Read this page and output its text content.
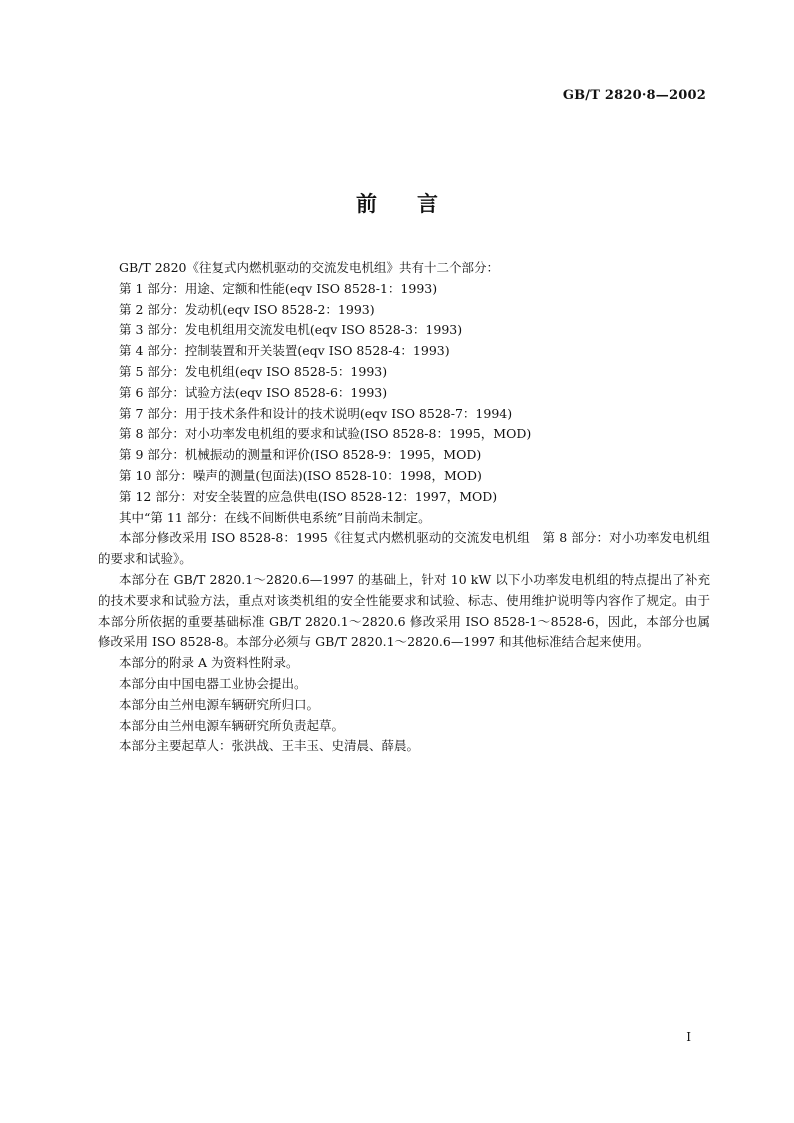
GB/T 2820·8—2002
前言

GB/T 2820《往复式内燃机驱动的交流发电机组》共有十二个部分：

第 1 部分：用途、定额和性能(eqv ISO 8528-1：1993)

第 2 部分：发动机(eqv ISO 8528-2：1993)

第 3 部分：发电机组用交流发电机(eqv ISO 8528-3：1993)

第 4 部分：控制装置和开关装置(eqv ISO 8528-4：1993)

第 5 部分：发电机组(eqv ISO 8528-5：1993)

第 6 部分：试验方法(eqv ISO 8528-6：1993)

第 7 部分：用于技术条件和设计的技术说明(eqv ISO 8528-7：1994)

第 8 部分：对小功率发电机组的要求和试验(ISO 8528-8：1995，MOD)

第 9 部分：机械振动的测量和评价(ISO 8528-9：1995，MOD)

第 10 部分：噪声的测量(包面法)(ISO 8528-10：1998，MOD)

第 12 部分：对安全装置的应急供电(ISO 8528-12：1997，MOD)

其中“第 11 部分：在线不间断供电系统”目前尚未制定。

本部分修改采用 ISO 8528-8：1995《往复式内燃机驱动的交流发电机组　第 8 部分：对小功率发电机组的要求和试验》。

本部分在 GB/T 2820.1～2820.6—1997 的基础上，针对 10 kW 以下小功率发电机组的特点提出了补充的技术要求和试验方法，重点对该类机组的安全性能要求和试验、标志、使用维护说明等内容作了规定。由于本部分所依据的重要基础标准 GB/T 2820.1～2820.6 修改采用 ISO 8528-1～8528-6，因此，本部分也属修改采用 ISO 8528-8。本部分必须与 GB/T 2820.1～2820.6—1997 和其他标准结合起来使用。

本部分的附录 A 为资料性附录。

本部分由中国电器工业协会提出。

本部分由兰州电源车辆研究所归口。

本部分由兰州电源车辆研究所负责起草。

本部分主要起草人：张洪战、王丰玉、史清晨、薛晨。

I
